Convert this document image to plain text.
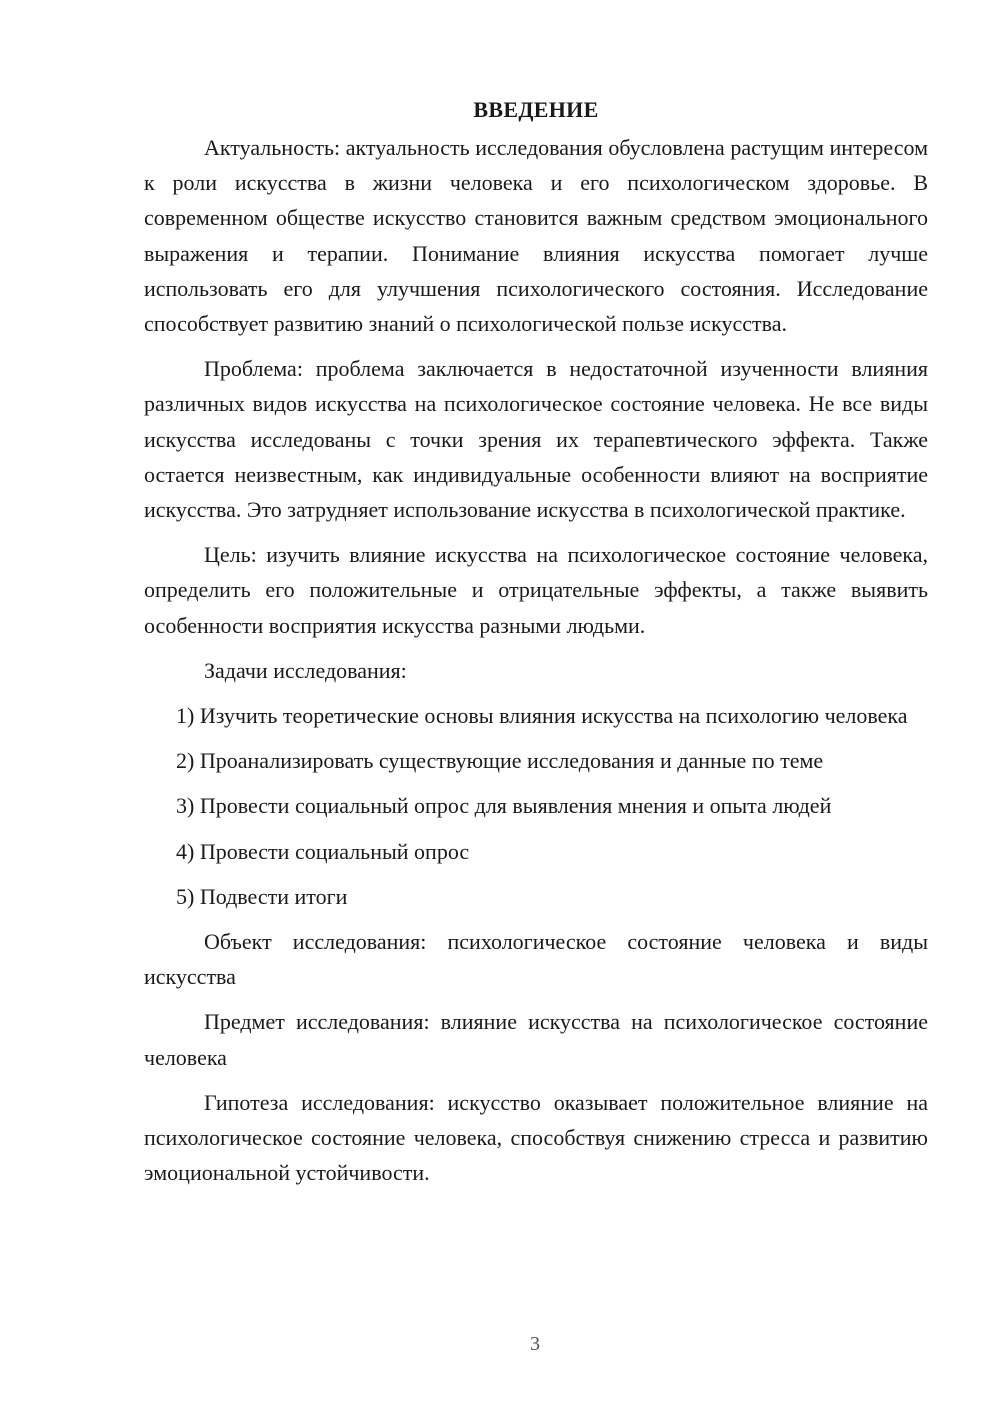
ВВЕДЕНИЕ

Актуальность: актуальность исследования обусловлена растущим интересом к роли искусства в жизни человека и его психологическом здоровье. В современном обществе искусство становится важным средством эмоционального выражения и терапии. Понимание влияния искусства помогает лучше использовать его для улучшения психологического состояния. Исследование способствует развитию знаний о психологической пользе искусства.

Проблема: проблема заключается в недостаточной изученности влияния различных видов искусства на психологическое состояние человека. Не все виды искусства исследованы с точки зрения их терапевтического эффекта. Также остается неизвестным, как индивидуальные особенности влияют на восприятие искусства. Это затрудняет использование искусства в психологической практике.

Цель: изучить влияние искусства на психологическое состояние человека, определить его положительные и отрицательные эффекты, а также выявить особенности восприятия искусства разными людьми.

Задачи исследования:

1) Изучить теоретические основы влияния искусства на психологию человека

2) Проанализировать существующие исследования и данные по теме

3) Провести социальный опрос для выявления мнения и опыта людей

4) Провести социальный опрос

5) Подвести итоги

Объект исследования: психологическое состояние человека и виды искусства

Предмет исследования: влияние искусства на психологическое состояние человека

Гипотеза исследования: искусство оказывает положительное влияние на психологическое состояние человека, способствуя снижению стресса и развитию эмоциональной устойчивости.

3
